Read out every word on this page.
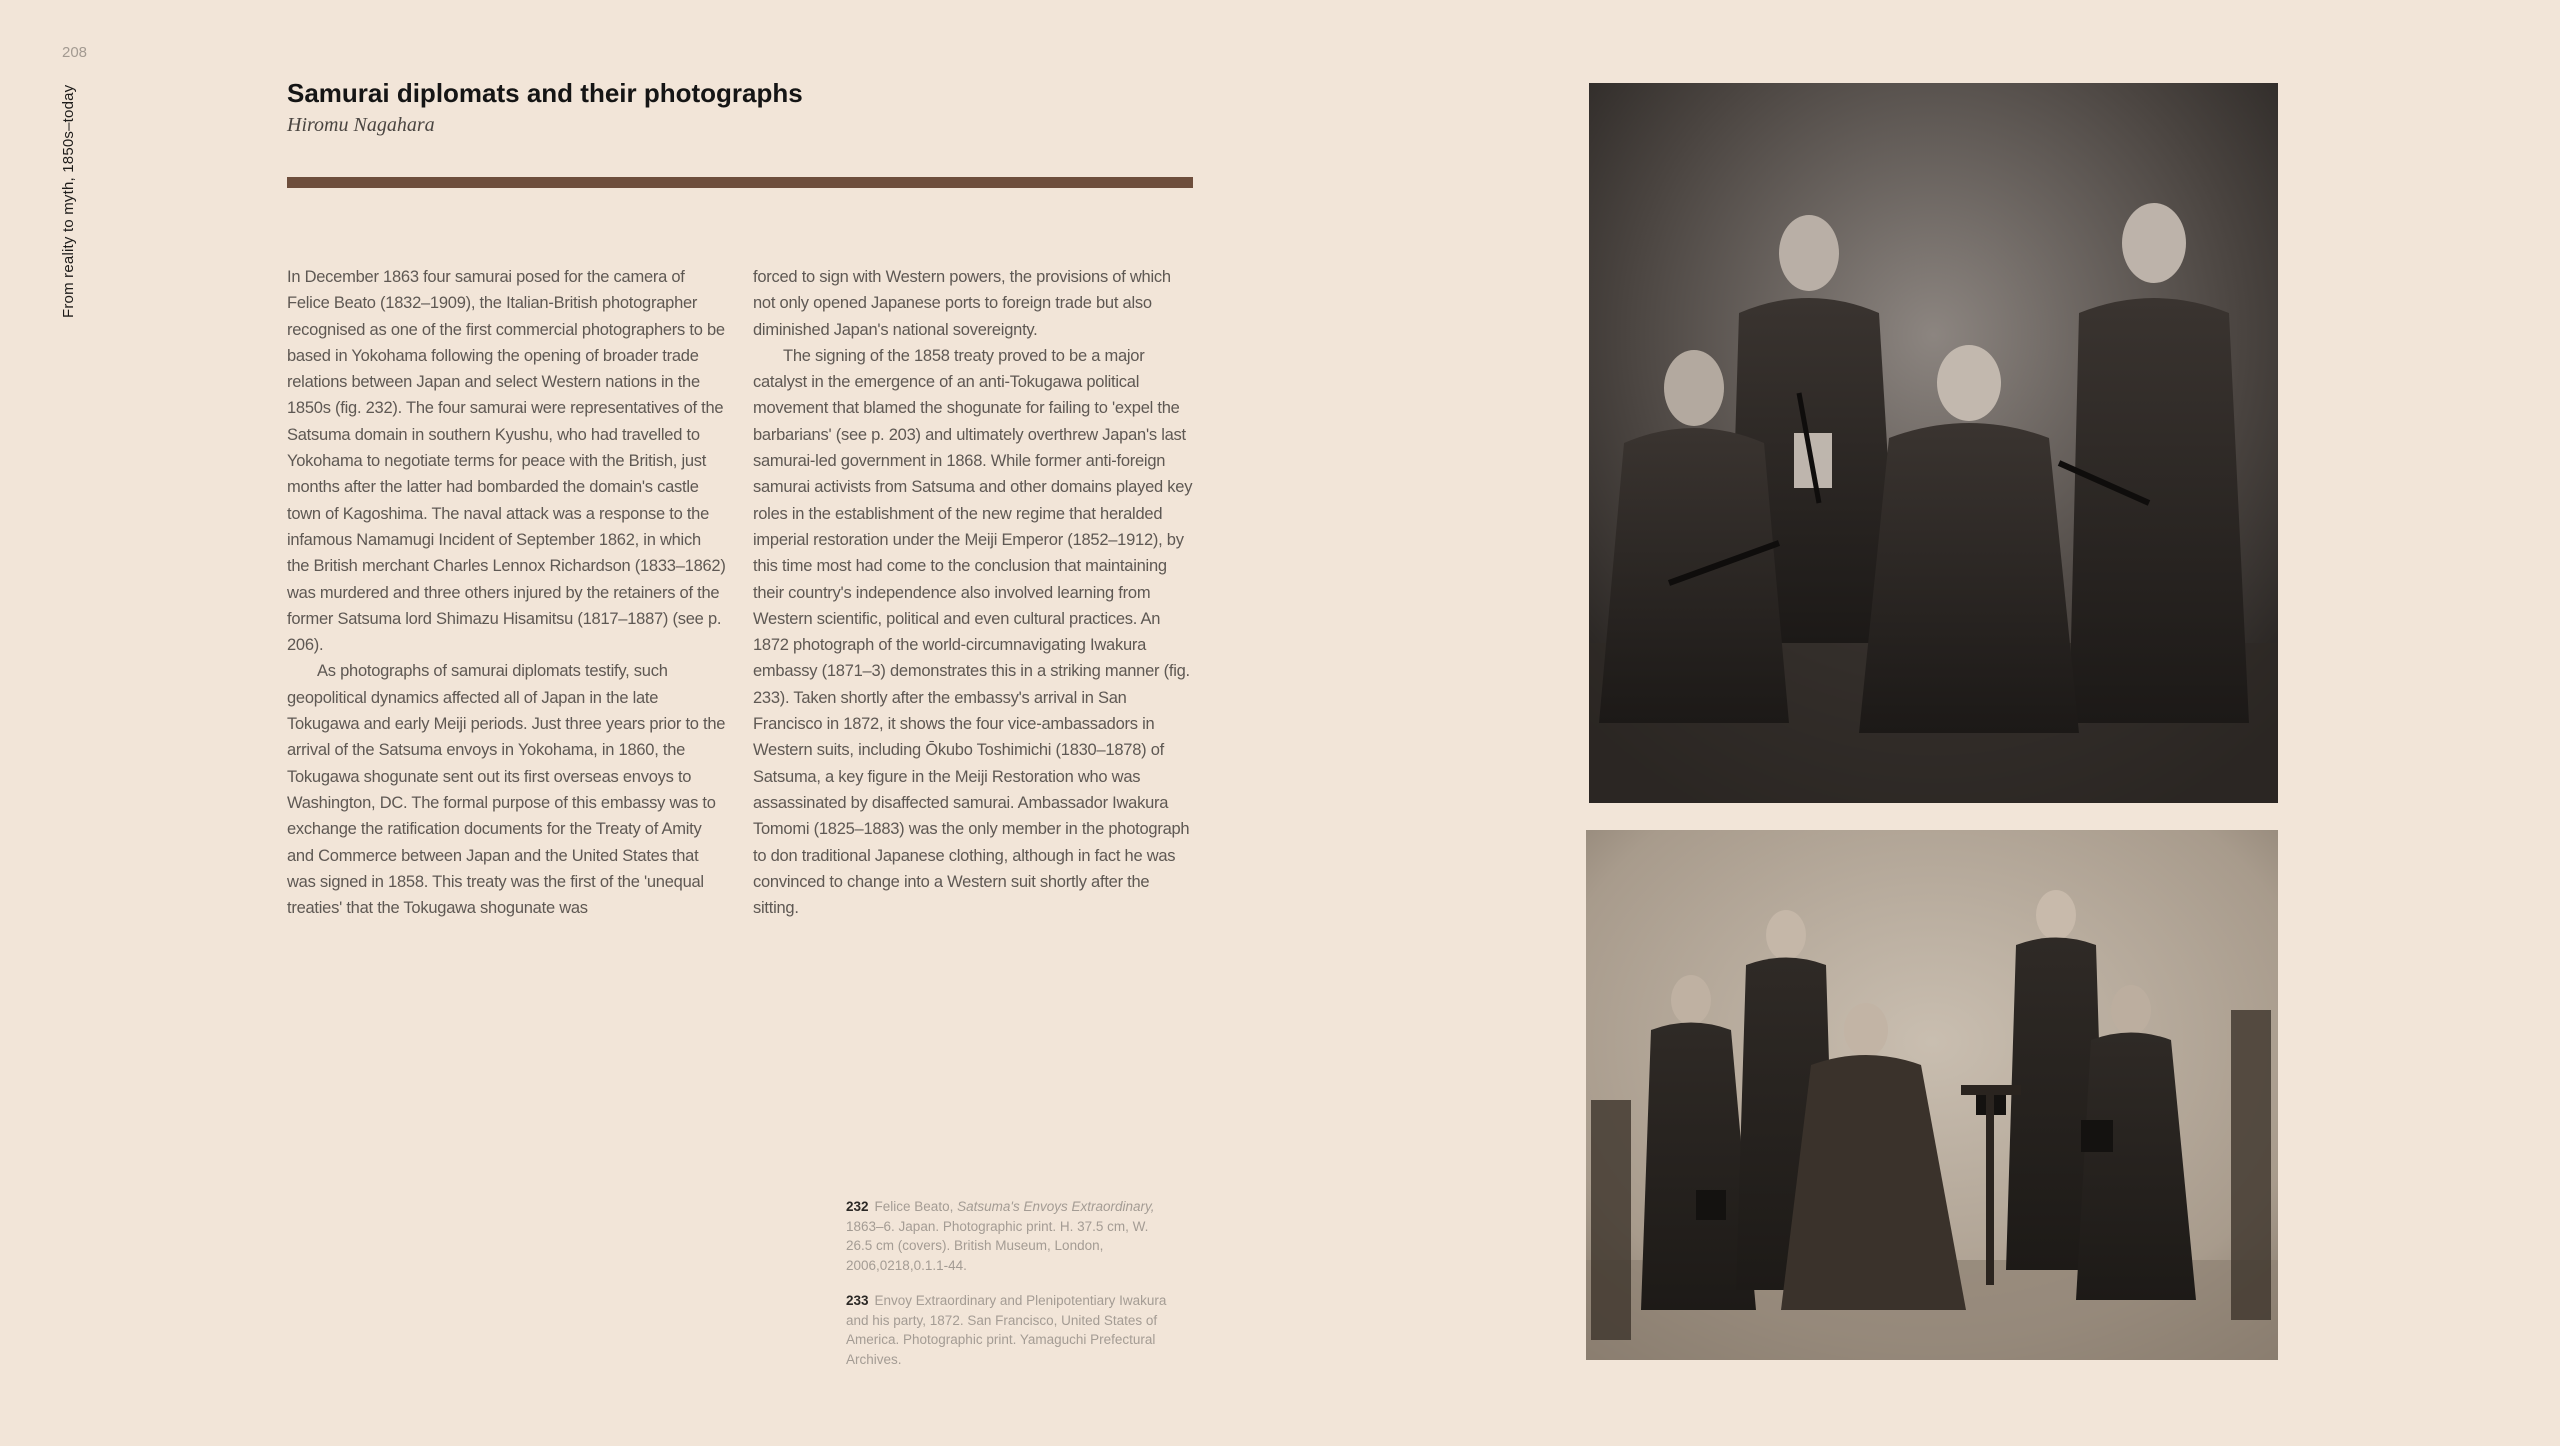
208
From reality to myth, 1850s–today	Samurai diplomats and their photographs
Hiromu Nagahara

In December 1863 four samurai posed for the camera of Felice Beato (1832–1909), the Italian-British photographer recognised as one of the first commercial photographers to be based in Yokohama following the opening of broader trade relations between Japan and select Western nations in the 1850s (fig. 232). The four samurai were representatives of the Satsuma domain in southern Kyushu, who had travelled to Yokohama to negotiate terms for peace with the British, just months after the latter had bombarded the domain's castle town of Kagoshima. The naval attack was a response to the infamous Namamugi Incident of September 1862, in which the British merchant Charles Lennox Richardson (1833–1862) was murdered and three others injured by the retainers of the former Satsuma lord Shimazu Hisamitsu (1817–1887) (see p. 206).

As photographs of samurai diplomats testify, such geopolitical dynamics affected all of Japan in the late Tokugawa and early Meiji periods. Just three years prior to the arrival of the Satsuma envoys in Yokohama, in 1860, the Tokugawa shogunate sent out its first overseas envoys to Washington, DC. The formal purpose of this embassy was to exchange the ratification documents for the Treaty of Amity and Commerce between Japan and the United States that was signed in 1858. This treaty was the first of the 'unequal treaties' that the Tokugawa shogunate was

forced to sign with Western powers, the provisions of which not only opened Japanese ports to foreign trade but also diminished Japan's national sovereignty.

The signing of the 1858 treaty proved to be a major catalyst in the emergence of an anti-Tokugawa political movement that blamed the shogunate for failing to 'expel the barbarians' (see p. 203) and ultimately overthrew Japan's last samurai-led government in 1868. While former anti-foreign samurai activists from Satsuma and other domains played key roles in the establishment of the new regime that heralded imperial restoration under the Meiji Emperor (1852–1912), by this time most had come to the conclusion that maintaining their country's independence also involved learning from Western scientific, political and even cultural practices. An 1872 photograph of the world-circumnavigating Iwakura embassy (1871–3) demonstrates this in a striking manner (fig. 233). Taken shortly after the embassy's arrival in San Francisco in 1872, it shows the four vice-ambassadors in Western suits, including Ōkubo Toshimichi (1830–1878) of Satsuma, a key figure in the Meiji Restoration who was assassinated by disaffected samurai. Ambassador Iwakura Tomomi (1825–1883) was the only member in the photograph to don traditional Japanese clothing, although in fact he was convinced to change into a Western suit shortly after the sitting.

232 Felice Beato, Satsuma's Envoys Extraordinary, 1863–6. Japan. Photographic print. H. 37.5 cm, W. 26.5 cm (covers). British Museum, London, 2006,0218,0.1.1-44.

233 Envoy Extraordinary and Plenipotentiary Iwakura and his party, 1872. San Francisco, United States of America. Photographic print. Yamaguchi Prefectural Archives.
